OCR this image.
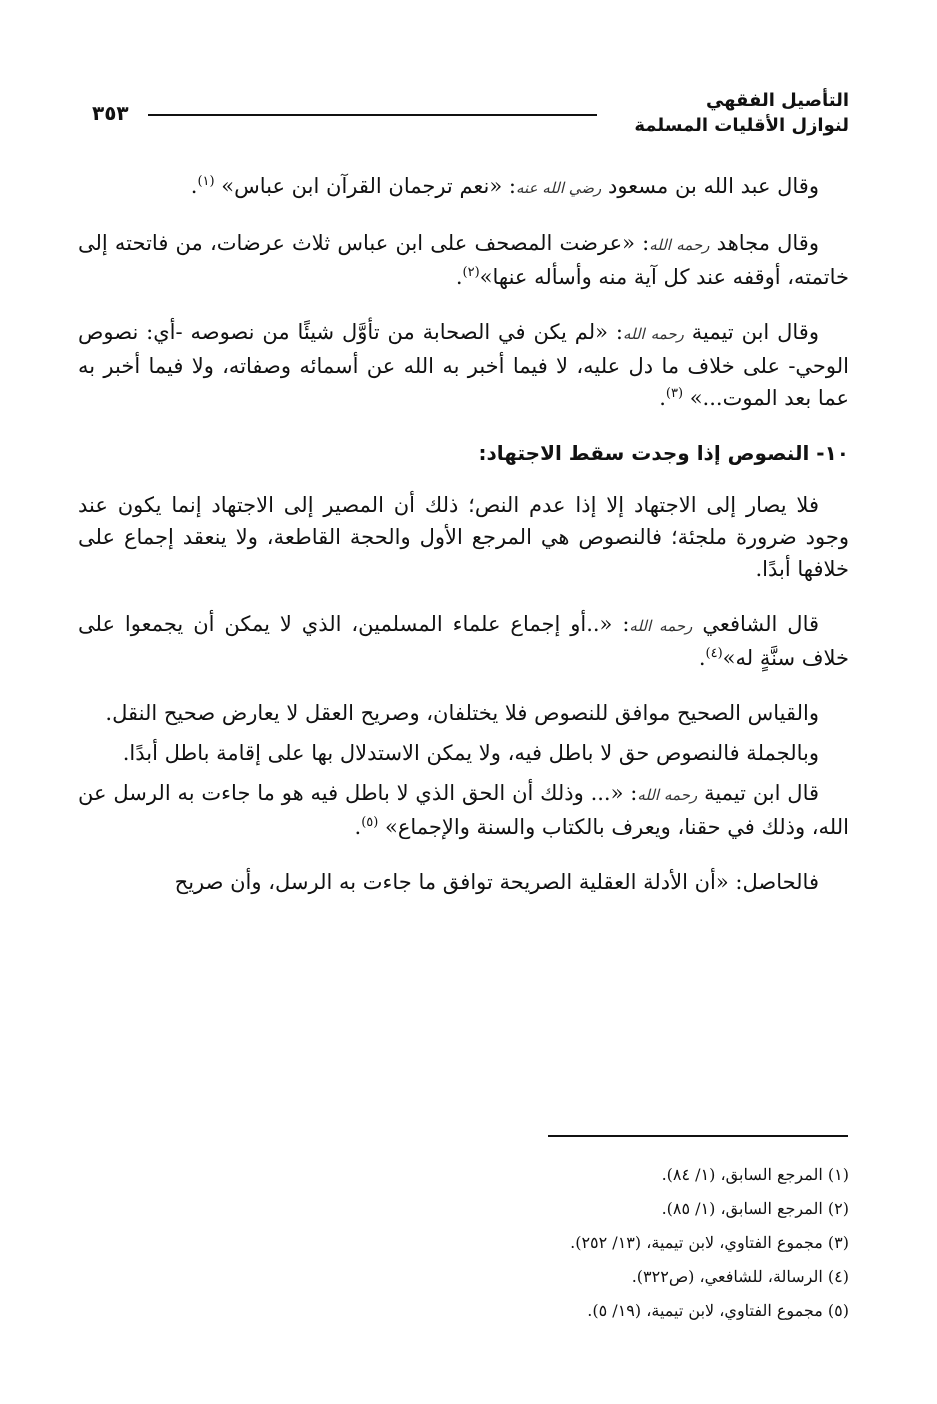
التأصيل الفقهي
لنوازل الأقليات المسلمة
٣٥٣

وقال عبد الله بن مسعود رضي الله عنه: «نعم ترجمان القرآن ابن عباس» $^{(١)}$.

وقال مجاهد رحمه الله: «عرضت المصحف على ابن عباس ثلاث عرضات، من فاتحته إلى خاتمته، أوقفه عند كل آية منه وأسأله عنها»$^{(٢)}$.

وقال ابن تيمية رحمه الله: «لم يكن في الصحابة من تأوَّل شيئًا من نصوصه -أي: نصوص الوحي- على خلاف ما دل عليه، لا فيما أخبر به الله عن أسمائه وصفاته، ولا فيما أخبر به عما بعد الموت...» $^{(٣)}$.

١٠- النصوص إذا وجدت سقط الاجتهاد:

فلا يصار إلى الاجتهاد إلا إذا عدم النص؛ ذلك أن المصير إلى الاجتهاد إنما يكون عند وجود ضرورة ملجئة؛ فالنصوص هي المرجع الأول والحجة القاطعة، ولا ينعقد إجماع على خلافها أبدًا.

قال الشافعي رحمه الله: «..أو إجماع علماء المسلمين، الذي لا يمكن أن يجمعوا على خلاف سنَّةٍ له»$^{(٤)}$.

والقياس الصحيح موافق للنصوص فلا يختلفان، وصريح العقل لا يعارض صحيح النقل.

وبالجملة فالنصوص حق لا باطل فيه، ولا يمكن الاستدلال بها على إقامة باطل أبدًا.

قال ابن تيمية رحمه الله: «... وذلك أن الحق الذي لا باطل فيه هو ما جاءت به الرسل عن الله، وذلك في حقنا، ويعرف بالكتاب والسنة والإجماع» $^{(٥)}$.

فالحاصل: «أن الأدلة العقلية الصريحة توافق ما جاءت به الرسل، وأن صريح

(١) المرجع السابق، (١/ ٨٤).
(٢) المرجع السابق، (١/ ٨٥).
(٣) مجموع الفتاوي، لابن تيمية، (١٣/ ٢٥٢).
(٤) الرسالة، للشافعي، (ص٣٢٢).
(٥) مجموع الفتاوي، لابن تيمية، (١٩/ ٥).
